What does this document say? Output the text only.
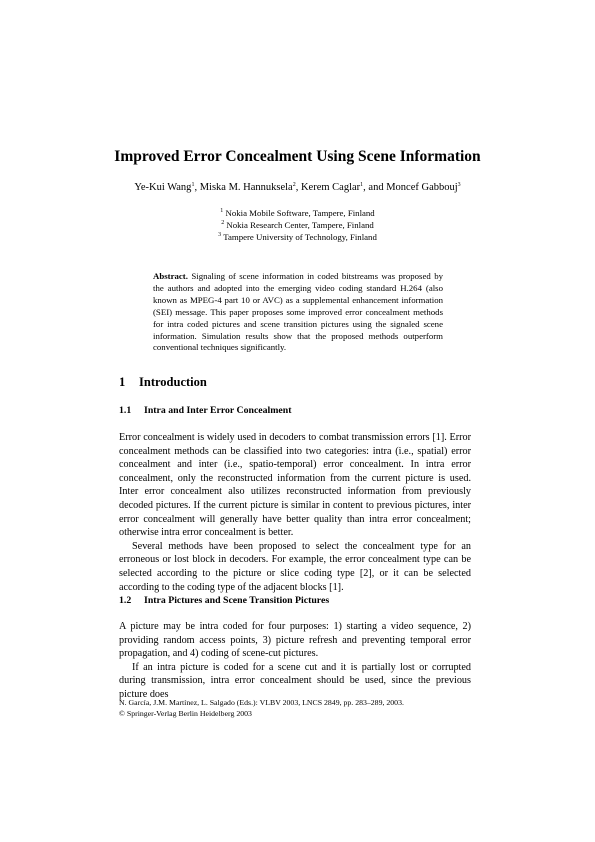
Improved Error Concealment Using Scene Information
Ye-Kui Wang$^1$, Miska M. Hannuksela$^2$, Kerem Caglar$^1$, and Moncef Gabbouj$^3$
$^1$ Nokia Mobile Software, Tampere, Finland
$^2$ Nokia Research Center, Tampere, Finland
$^3$ Tampere University of Technology, Finland
Abstract. Signaling of scene information in coded bitstreams was proposed by the authors and adopted into the emerging video coding standard H.264 (also known as MPEG-4 part 10 or AVC) as a supplemental enhancement information (SEI) message. This paper proposes some improved error concealment methods for intra coded pictures and scene transition pictures using the signaled scene information. Simulation results show that the proposed methods outperform conventional techniques significantly.
1 Introduction
1.1 Intra and Inter Error Concealment

Error concealment is widely used in decoders to combat transmission errors [1]. Error concealment methods can be classified into two categories: intra (i.e., spatial) error concealment and inter (i.e., spatio-temporal) error concealment. In intra error concealment, only the reconstructed information from the current picture is used. Inter error concealment also utilizes reconstructed information from previously decoded pictures. If the current picture is similar in content to previous pictures, inter error concealment will generally have better quality than intra error concealment; otherwise intra error concealment is better.

Several methods have been proposed to select the concealment type for an erroneous or lost block in decoders. For example, the error concealment type can be selected according to the picture or slice coding type [2], or it can be selected according to the coding type of the adjacent blocks [1].

1.2 Intra Pictures and Scene Transition Pictures

A picture may be intra coded for four purposes: 1) starting a video sequence, 2) providing random access points, 3) picture refresh and preventing temporal error propagation, and 4) coding of scene-cut pictures.

If an intra picture is coded for a scene cut and it is partially lost or corrupted during transmission, intra error concealment should be used, since the previous picture does

N. García, J.M. Martínez, L. Salgado (Eds.): VLBV 2003, LNCS 2849, pp. 283–289, 2003.
© Springer-Verlag Berlin Heidelberg 2003
